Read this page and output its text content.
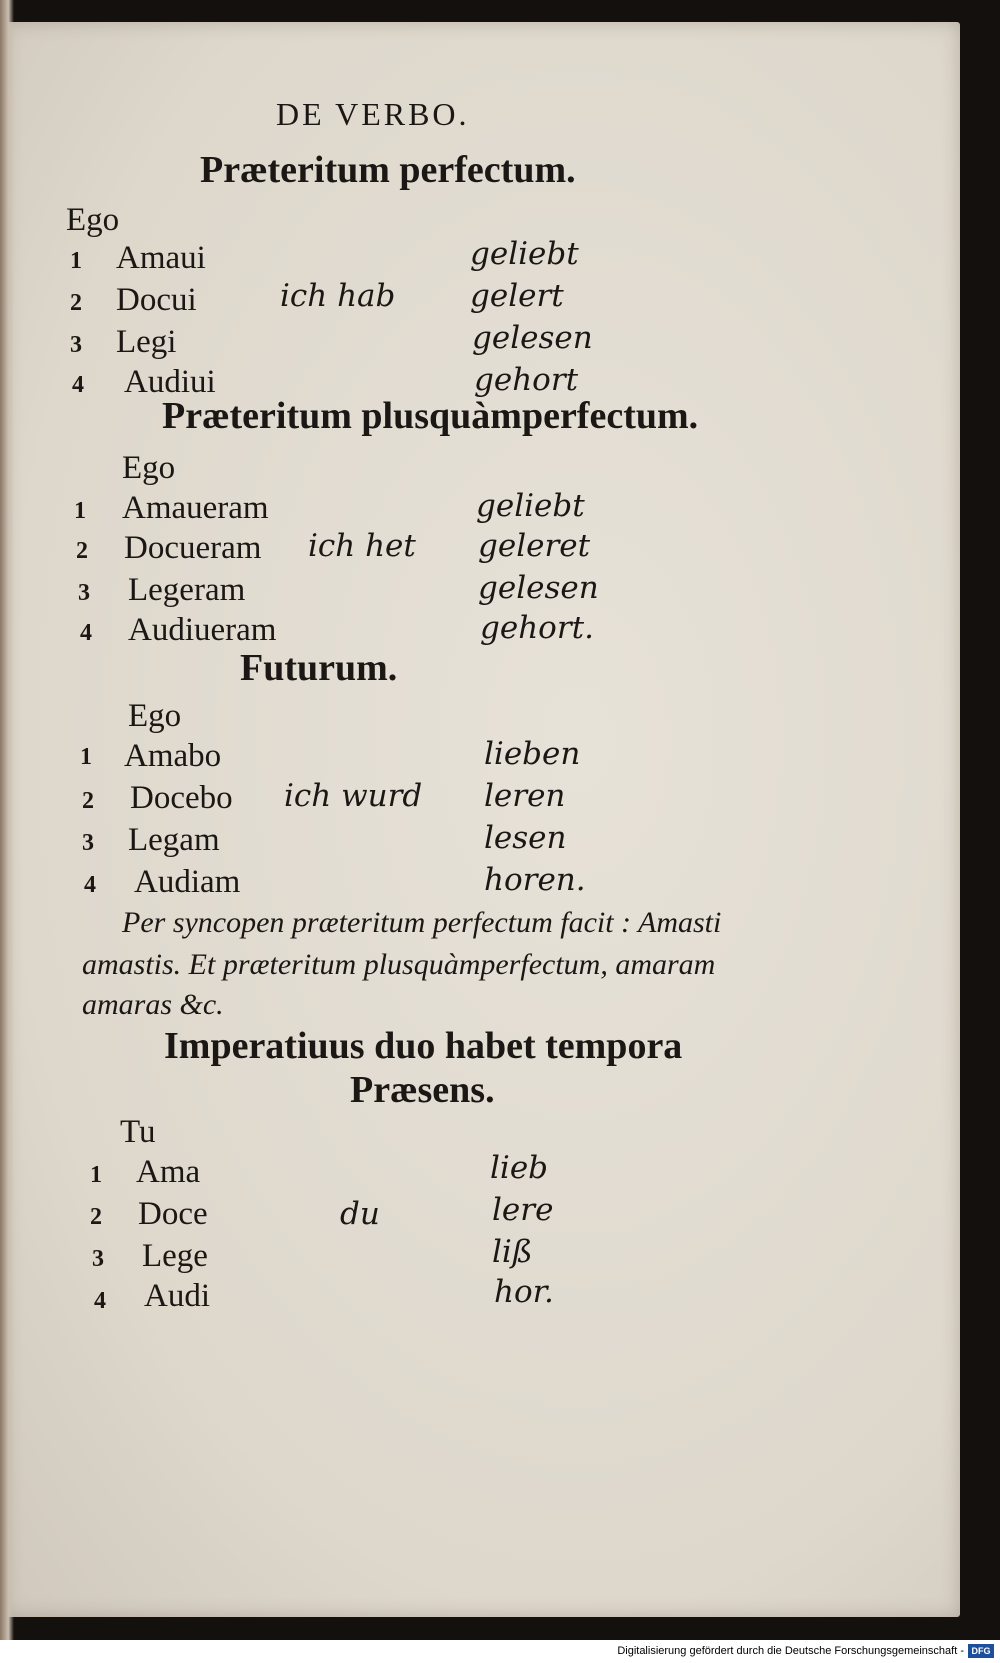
DE VERBO.
Præteritum perfectum.
Ego
ich hab
1 Amaui	geliebt
2 Docui	gelert
3 Legi	gelesen
4 Audiui	gehort
Præteritum plusquàmperfectum.
Ego
ich het
1 Amaueram	geliebt
2 Docueram	geleret
3 Legeram	gelesen
4 Audiueram	gehort.
Futurum.
Ego
ich wurd
1 Amabo	lieben
2 Docebo	leren
3 Legam	lesen
4 Audiam	horen.
Per syncopen præteritum perfectum facit : Amasti
amastis. Et præteritum plusquàmperfectum, amaram
amaras &c.
Imperatiuus duo habet tempora
Præsens.
Tu
du
1 Ama	lieb
2 Doce	lere
3 Lege	liß
4 Audi	hor.
Digitalisierung gefördert durch die Deutsche Forschungsgemeinschaft - DFG
